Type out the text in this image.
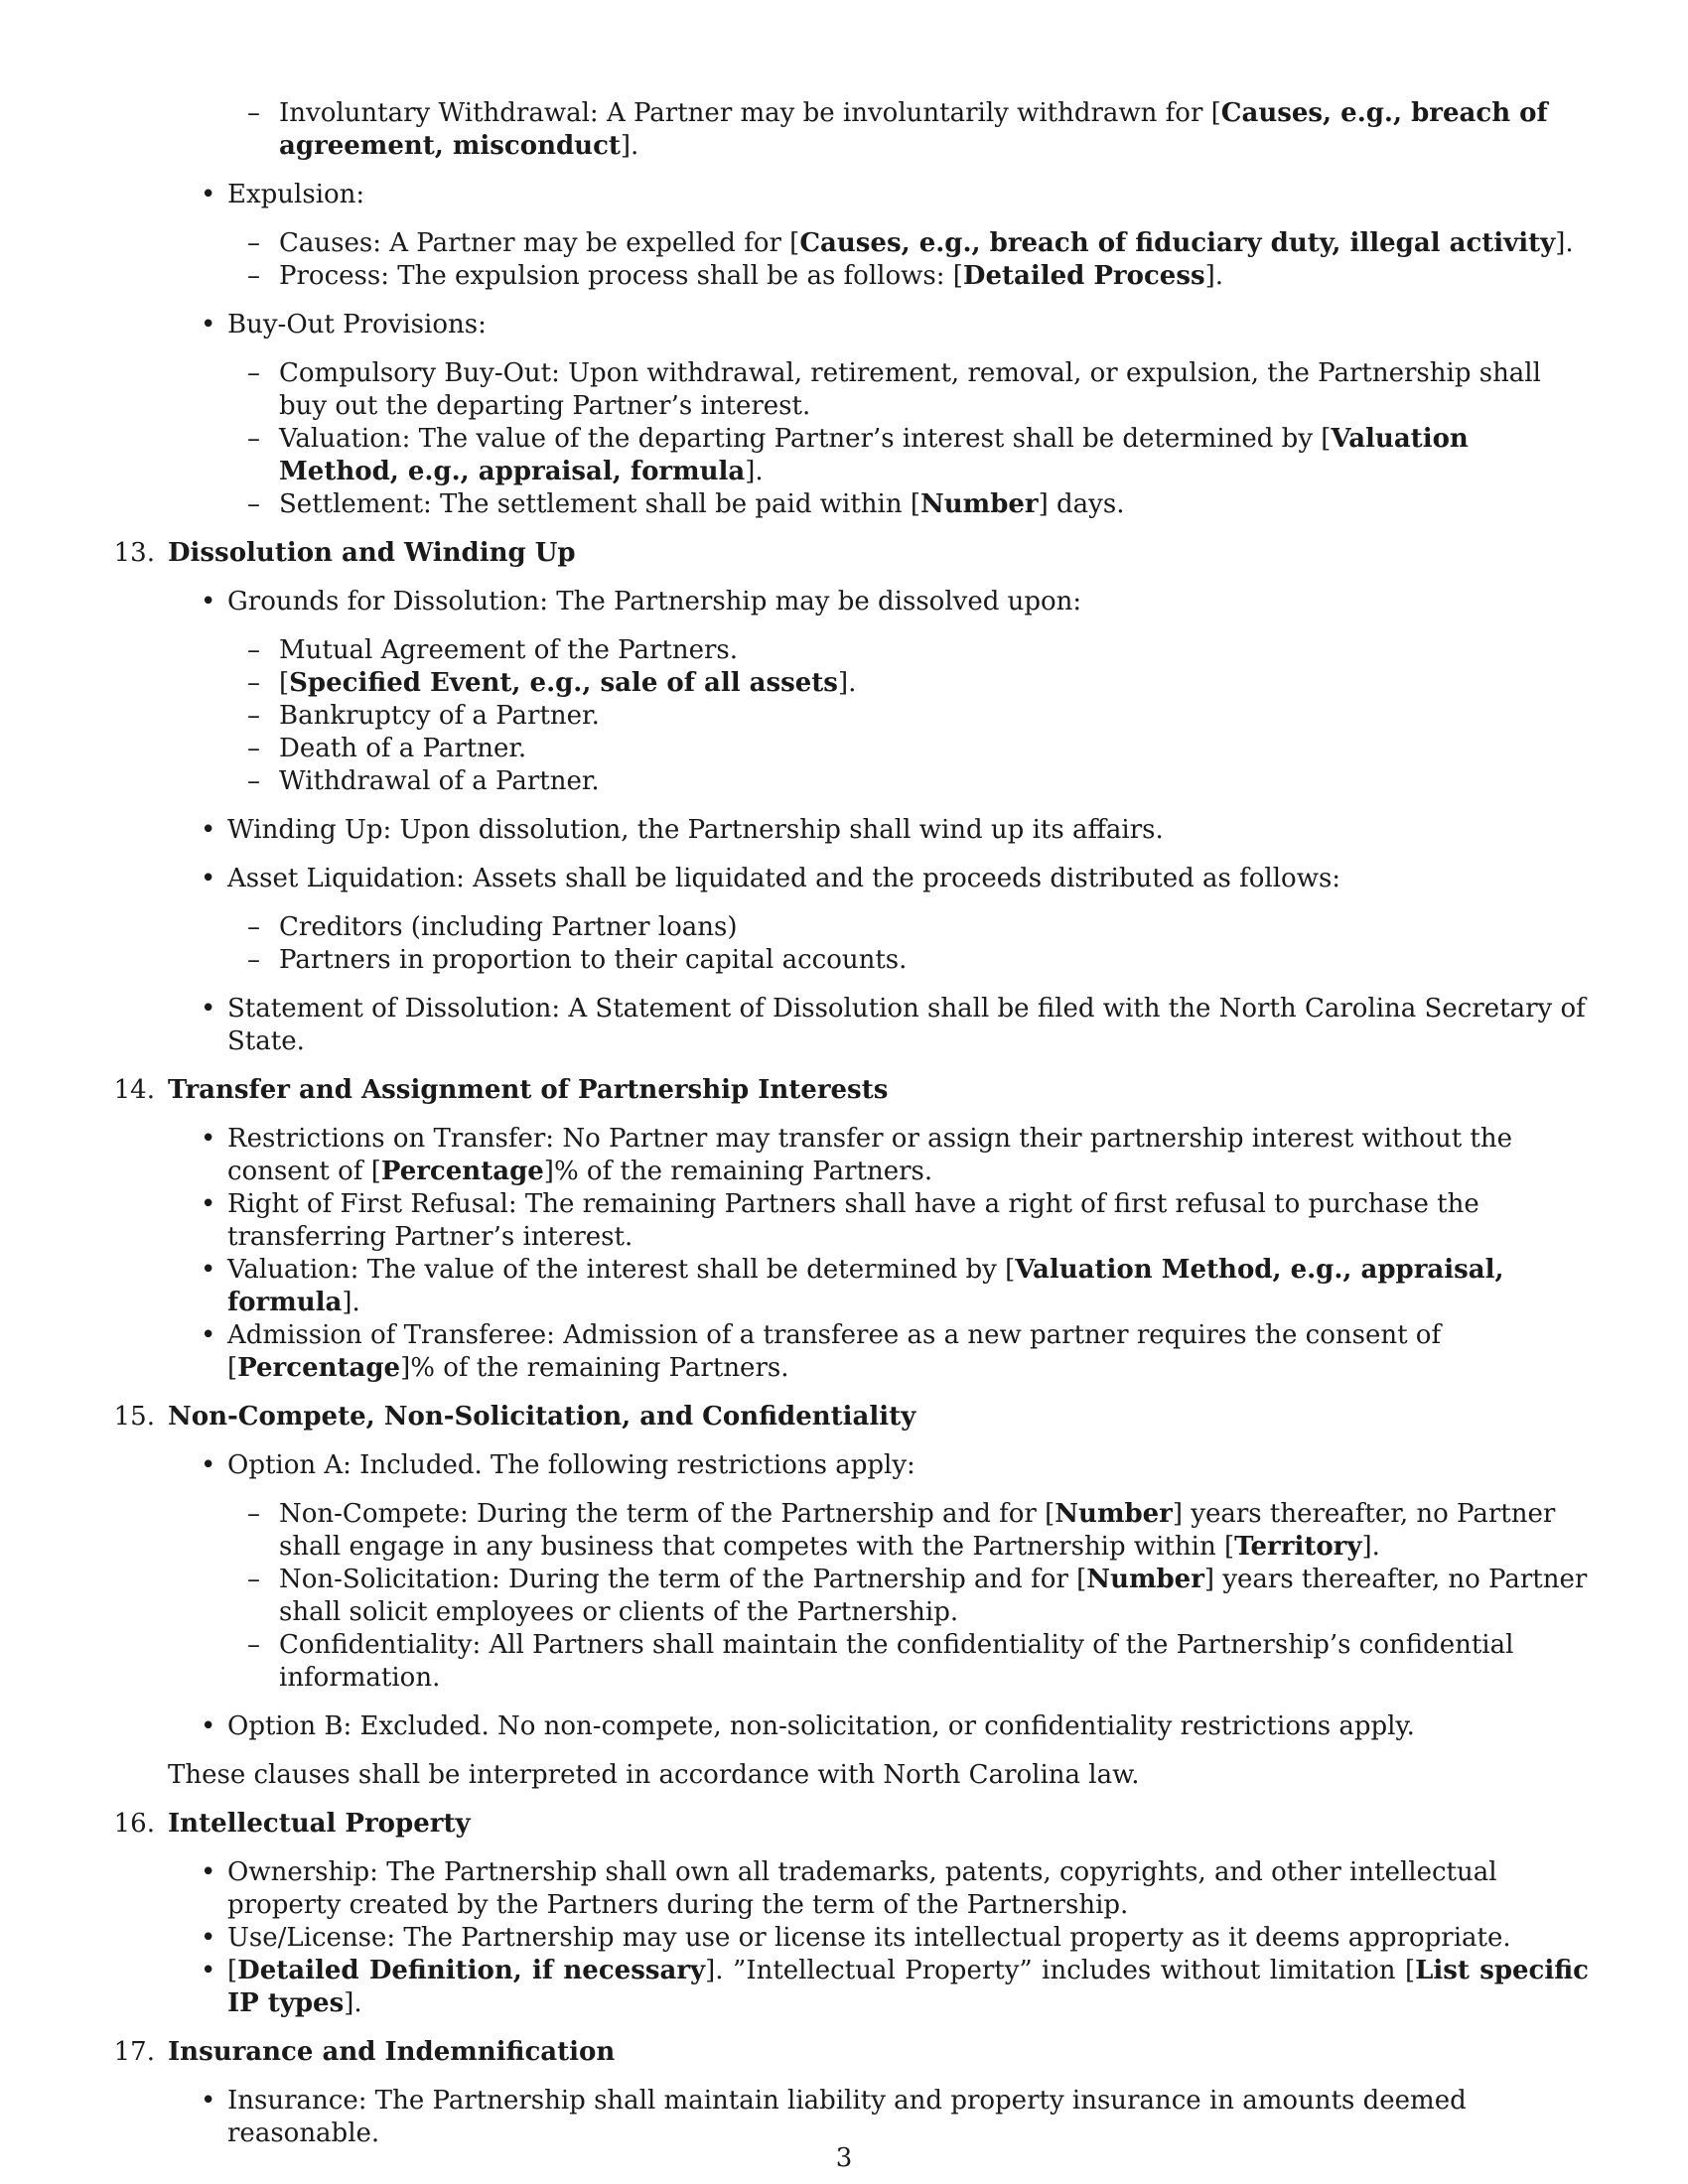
–
Involuntary Withdrawal: A Partner may be involuntarily withdrawn for [Causes, e.g., breach of agreement, misconduct].
•
Expulsion:
–
Causes: A Partner may be expelled for [Causes, e.g., breach of fiduciary duty, illegal activity].
–
Process: The expulsion process shall be as follows: [Detailed Process].
•
Buy-Out Provisions:
–
Compulsory Buy-Out: Upon withdrawal, retirement, removal, or expulsion, the Partnership shall buy out the departing Partner’s interest.
–
Valuation: The value of the departing Partner’s interest shall be determined by [Valuation Method, e.g., appraisal, formula].
–
Settlement: The settlement shall be paid within [Number] days.
13. Dissolution and Winding Up
•
Grounds for Dissolution: The Partnership may be dissolved upon:
–
Mutual Agreement of the Partners.
–
[Specified Event, e.g., sale of all assets].
–
Bankruptcy of a Partner.
–
Death of a Partner.
–
Withdrawal of a Partner.
•
Winding Up: Upon dissolution, the Partnership shall wind up its affairs.
•
Asset Liquidation: Assets shall be liquidated and the proceeds distributed as follows:
–
Creditors (including Partner loans)
–
Partners in proportion to their capital accounts.
•
Statement of Dissolution: A Statement of Dissolution shall be filed with the North Carolina Secretary of State.
14. Transfer and Assignment of Partnership Interests
•
Restrictions on Transfer: No Partner may transfer or assign their partnership interest without the consent of [Percentage]% of the remaining Partners.
•
Right of First Refusal: The remaining Partners shall have a right of first refusal to purchase the transferring Partner’s interest.
•
Valuation: The value of the interest shall be determined by [Valuation Method, e.g., appraisal, formula].
•
Admission of Transferee: Admission of a transferee as a new partner requires the consent of [Percentage]% of the remaining Partners.
15. Non-Compete, Non-Solicitation, and Confidentiality
•
Option A: Included. The following restrictions apply:
–
Non-Compete: During the term of the Partnership and for [Number] years thereafter, no Partner shall engage in any business that competes with the Partnership within [Territory].
–
Non-Solicitation: During the term of the Partnership and for [Number] years thereafter, no Partner shall solicit employees or clients of the Partnership.
–
Confidentiality: All Partners shall maintain the confidentiality of the Partnership’s confidential information.
•
Option B: Excluded. No non-compete, non-solicitation, or confidentiality restrictions apply.
These clauses shall be interpreted in accordance with North Carolina law.
16. Intellectual Property
•
Ownership: The Partnership shall own all trademarks, patents, copyrights, and other intellectual property created by the Partners during the term of the Partnership.
•
Use/License: The Partnership may use or license its intellectual property as it deems appropriate.
•
[Detailed Definition, if necessary]. ”Intellectual Property” includes without limitation [List specific IP types].
17. Insurance and Indemnification
•
Insurance: The Partnership shall maintain liability and property insurance in amounts deemed reasonable.
3
